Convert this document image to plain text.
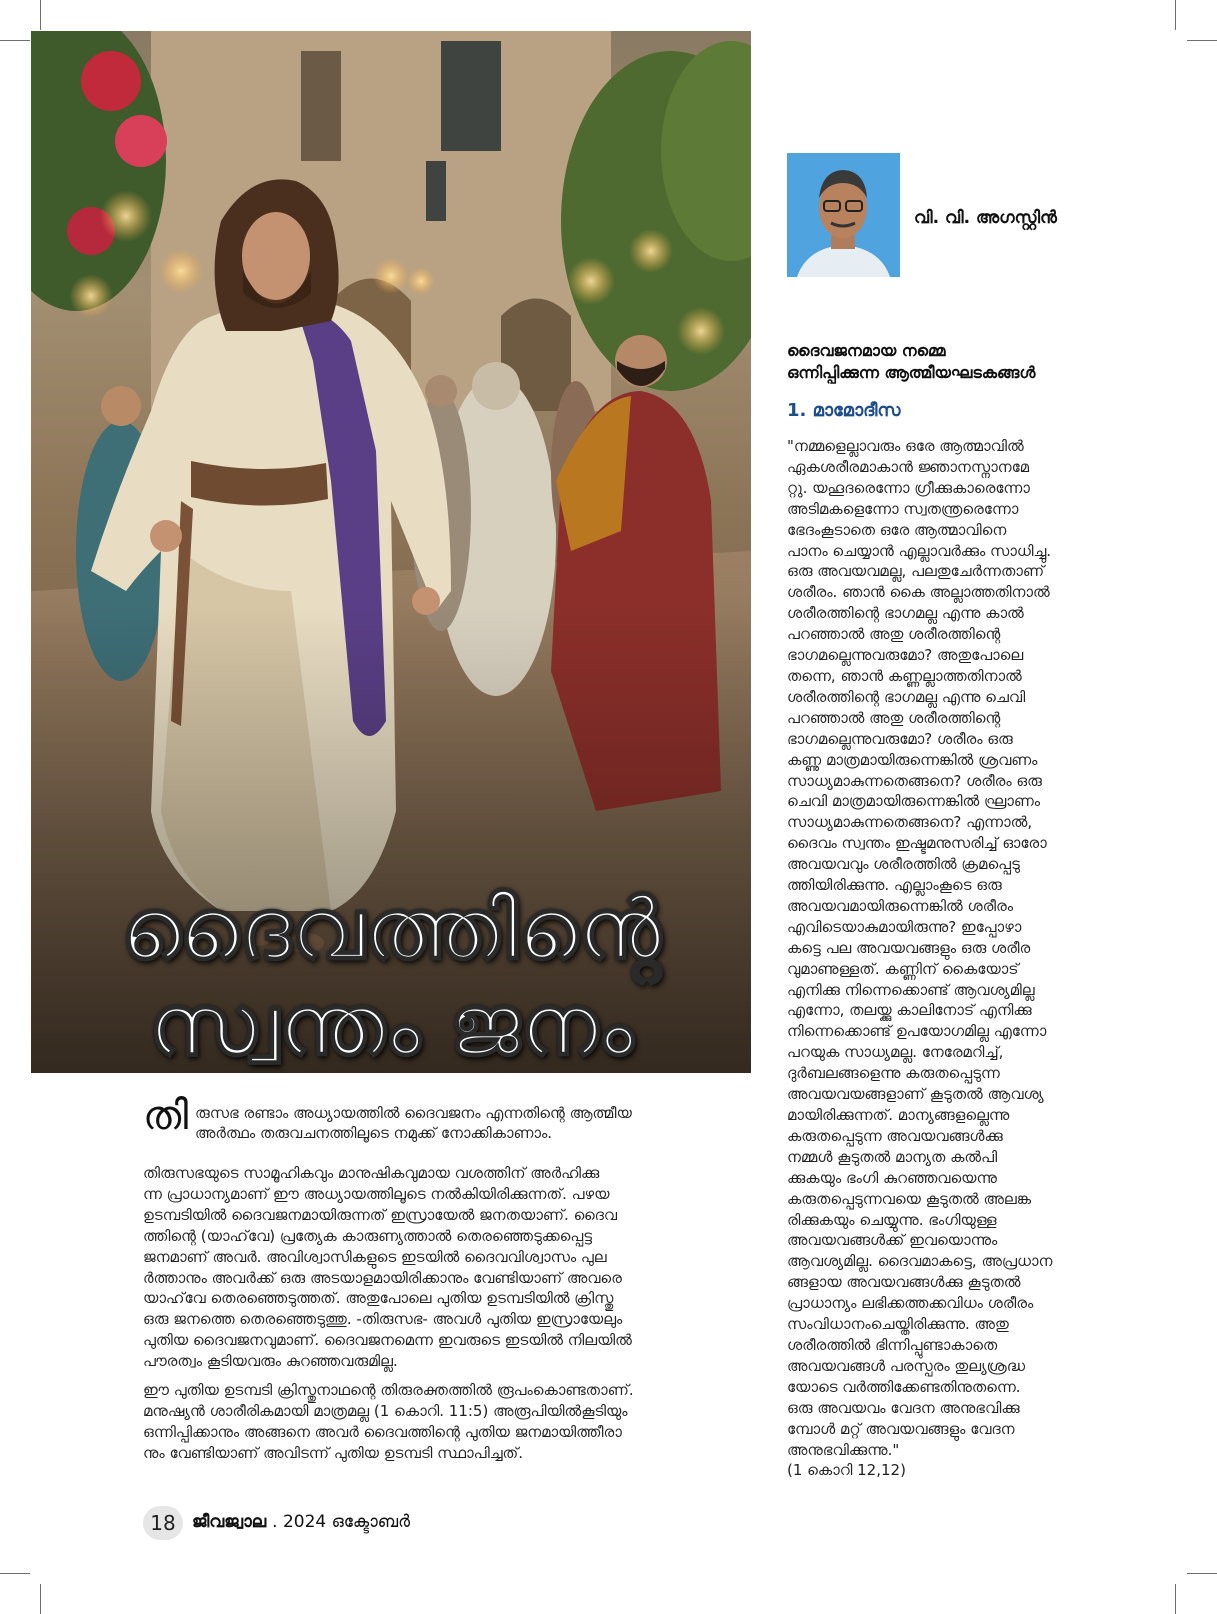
ദൈവത്തിന്റെ
സ്വന്തം ജനം
വി. വി. അഗസ്റ്റിൻ
ദൈവജനമായ നമ്മെ
ഒന്നിപ്പിക്കുന്ന ആത്മീയഘടകങ്ങൾ
1. മാമോദീസ
"നമ്മളെല്ലാവരും ഒരേ ആത്മാവിൽ
ഏകശരീരമാകാൻ ജ്ഞാനസ്നാനമേ
റ്റു. യഹൂദരെന്നോ ഗ്രീക്കുകാരെന്നോ
അടിമകളെന്നോ സ്വതന്ത്രരെന്നോ
ഭേദംകൂടാതെ ഒരേ ആത്മാവിനെ
പാനം ചെയ്യാൻ എല്ലാവർക്കും സാധിച്ചു.
ഒരു അവയവമല്ല, പലതുചേർന്നതാണ്
ശരീരം. ഞാൻ കൈ അല്ലാത്തതിനാൽ
ശരീരത്തിന്റെ ഭാഗമല്ല എന്നു കാൽ
പറഞ്ഞാൽ അതു ശരീരത്തിന്റെ
ഭാഗമല്ലെന്നുവരുമോ? അതുപോലെ
തന്നെ, ഞാൻ കണ്ണല്ലാത്തതിനാൽ
ശരീരത്തിന്റെ ഭാഗമല്ല എന്നു ചെവി
പറഞ്ഞാൽ അതു ശരീരത്തിന്റെ
ഭാഗമല്ലെന്നുവരുമോ? ശരീരം ഒരു
കണ്ണു മാത്രമായിരുന്നെങ്കിൽ ശ്രവണം
സാധ്യമാകുന്നതെങ്ങനെ? ശരീരം ഒരു
ചെവി മാത്രമായിരുന്നെങ്കിൽ ഘ്രാണം
സാധ്യമാകുന്നതെങ്ങനെ? എന്നാൽ,
ദൈവം സ്വന്തം ഇഷ്ടമനുസരിച്ച് ഓരോ
അവയവവും ശരീരത്തിൽ ക്രമപ്പെടു
ത്തിയിരിക്കുന്നു. എല്ലാംകൂടെ ഒരു
അവയവമായിരുന്നെങ്കിൽ ശരീരം
എവിടെയാകുമായിരുന്നു? ഇപ്പോഴാ
കട്ടെ പല അവയവങ്ങളും ഒരു ശരീര
വുമാണുള്ളത്. കണ്ണിന് കൈയോട്
എനിക്കു നിന്നെക്കൊണ്ട് ആവശ്യമില്ല
എന്നോ, തലയ്ക്കു കാലിനോട് എനിക്കു
നിന്നെക്കൊണ്ട് ഉപയോഗമില്ല എന്നോ
പറയുക സാധ്യമല്ല. നേരേമറിച്ച്,
ദുർബലങ്ങളെന്നു കരുതപ്പെടുന്ന
അവയവയങ്ങളാണ് കൂടുതൽ ആവശ്യ
മായിരിക്കുന്നത്. മാന്യങ്ങളല്ലെന്നു
കരുതപ്പെടുന്ന അവയവങ്ങൾക്കു
നമ്മൾ കൂടുതൽ മാന്യത കൽപി
ക്കുകയും ഭംഗി കുറഞ്ഞവയെന്നു
കരുതപ്പെടുന്നവയെ കൂടുതൽ അലങ്ക
രിക്കുകയും ചെയ്യുന്നു. ഭംഗിയുള്ള
അവയവങ്ങൾക്ക് ഇവയൊന്നും
ആവശ്യമില്ല. ദൈവമാകട്ടെ, അപ്രധാന
ങ്ങളായ അവയവങ്ങൾക്കു കൂടുതൽ
പ്രാധാന്യം ലഭിക്കത്തക്കവിധം ശരീരം
സംവിധാനംചെയ്തിരിക്കുന്നു. അതു
ശരീരത്തിൽ ഭിന്നിപ്പുണ്ടാകാതെ
അവയവങ്ങൾ പരസ്പരം തുല്യശ്രദ്ധ
യോടെ വർത്തിക്കേണ്ടതിനുതന്നെ.
ഒരു അവയവം വേദന അനുഭവിക്കു
മ്പോൾ മറ്റ് അവയവങ്ങളും വേദന
അനുഭവിക്കുന്നു."
(1 കൊറി 12,12)
തി രുസഭ രണ്ടാം അധ്യായത്തിൽ ദൈവജനം എന്നതിന്റെ ആത്മീയ
അർത്ഥം തരുവചനത്തിലൂടെ നമുക്ക് നോക്കികാണാം.
തിരുസഭയുടെ സാമൂഹികവും മാനുഷികവുമായ വശത്തിന് അർഹിക്കു
ന്ന പ്രാധാന്യമാണ് ഈ അധ്യായത്തിലൂടെ നൽകിയിരിക്കുന്നത്. പഴയ
ഉടമ്പടിയിൽ ദൈവജനമായിരുന്നത് ഇസ്രായേൽ ജനതയാണ്. ദൈവ
ത്തിന്റെ (യാഹ്‌വേ) പ്രത്യേക കാരുണ്യത്താൽ തെരഞ്ഞെടുക്കപ്പെട്ട
ജനമാണ് അവർ. അവിശ്വാസികളുടെ ഇടയിൽ ദൈവവിശ്വാസം പുല
ർത്താനും അവർക്ക് ഒരു അടയാളമായിരിക്കാനും വേണ്ടിയാണ് അവരെ
യാഹ്‌വേ തെരഞ്ഞെടുത്തത്. അതുപോലെ പുതിയ ഉടമ്പടിയിൽ ക്രിസ്തു
ഒരു ജനത്തെ തെരഞ്ഞെടുത്തു. -തിരുസഭ- അവൾ പുതിയ ഇസ്രായേലും
പുതിയ ദൈവജനവുമാണ്. ദൈവജനമെന്ന ഇവരുടെ ഇടയിൽ നിലയിൽ
പൗരത്വം കൂടിയവരും കുറഞ്ഞവരുമില്ല.
ഈ പുതിയ ഉടമ്പടി ക്രിസ്തുനാഥന്റെ തിരുരക്തത്തിൽ രൂപംകൊണ്ടതാണ്.
മനുഷ്യൻ ശാരീരികമായി മാത്രമല്ല (1 കൊറി. 11:5) അരൂപിയിൽകൂടിയും
ഒന്നിപ്പിക്കാനും അങ്ങനെ അവർ ദൈവത്തിന്റെ പുതിയ ജനമായിത്തീരാ
നും വേണ്ടിയാണ് അവിടന്ന് പുതിയ ഉടമ്പടി സ്ഥാപിച്ചത്.
18 ജീവജ്വാല . 2024 ഒക്ടോബർ
